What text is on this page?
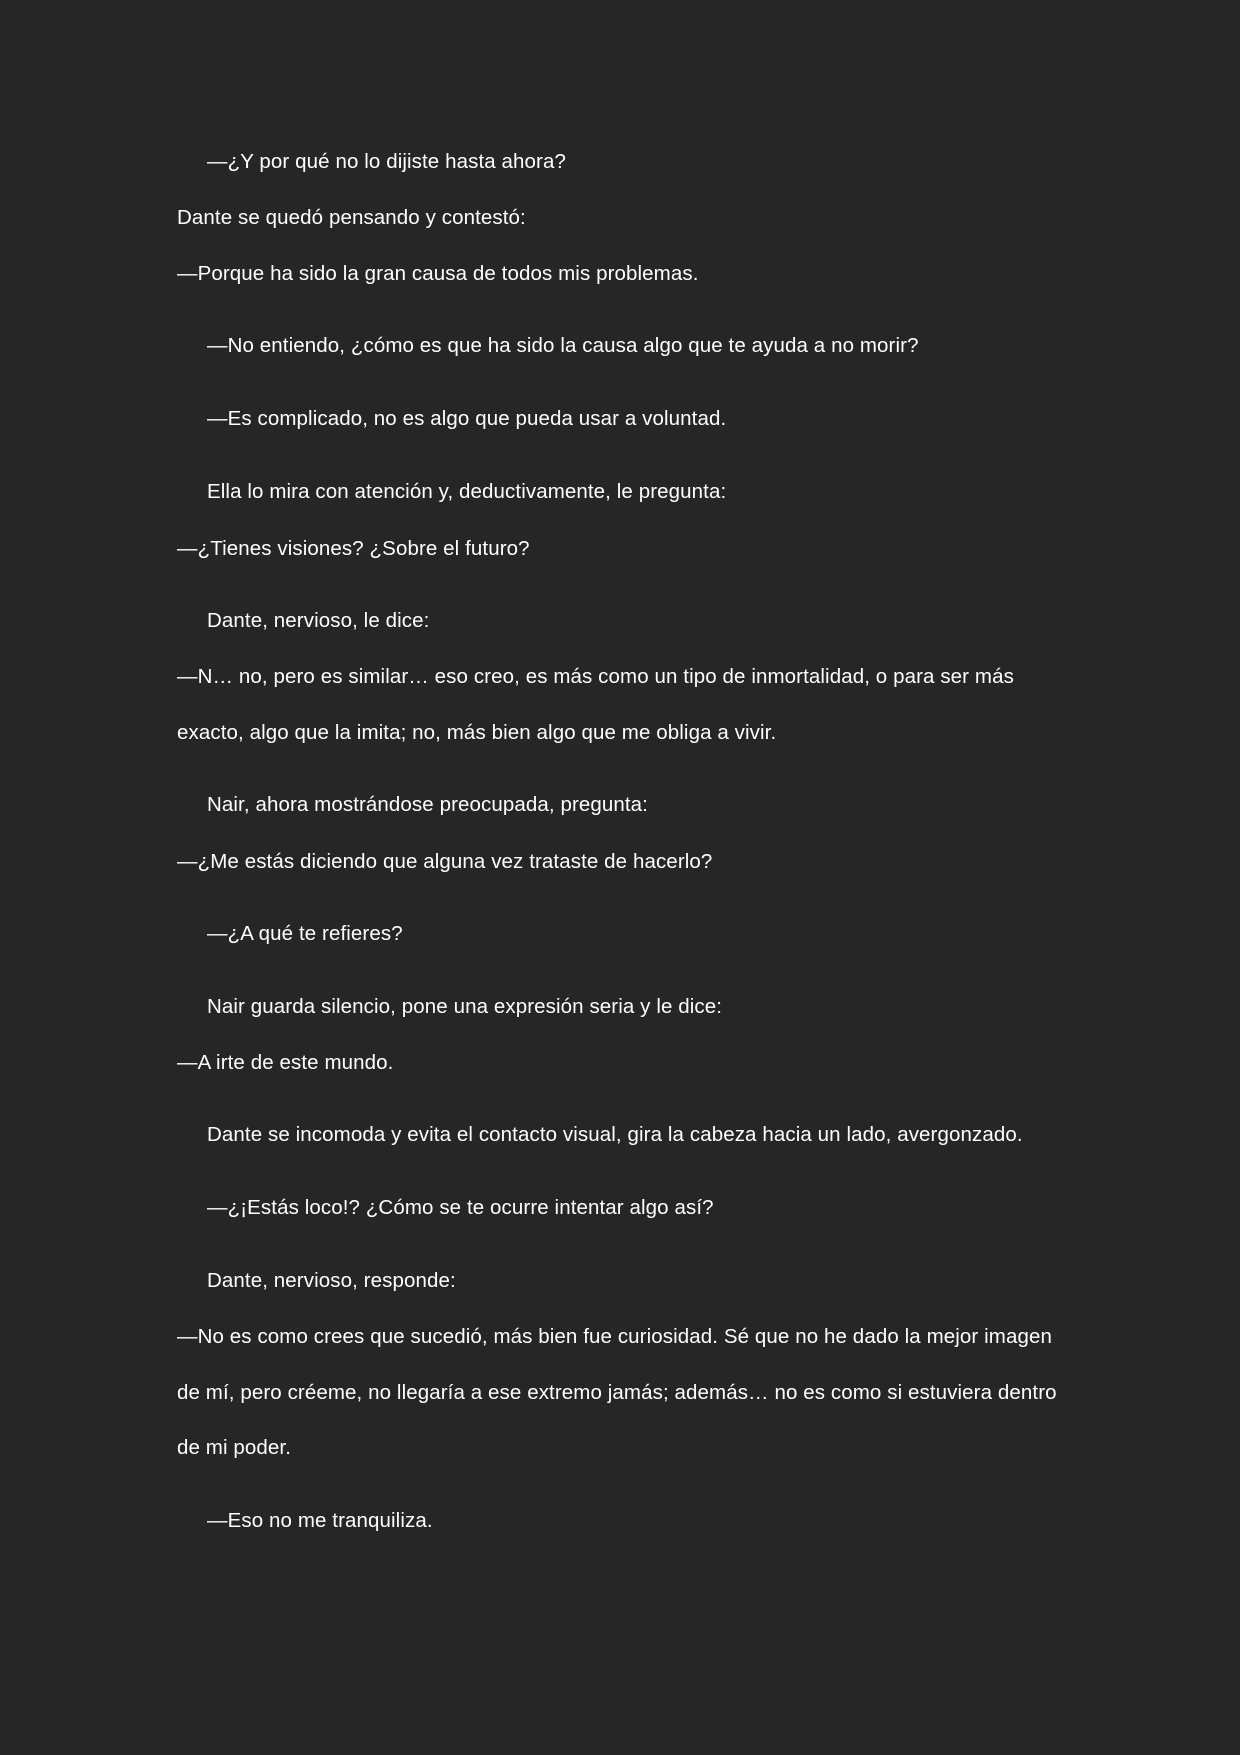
—¿Y por qué no lo dijiste hasta ahora?
Dante se quedó pensando y contestó:
—Porque ha sido la gran causa de todos mis problemas.
—No entiendo, ¿cómo es que ha sido la causa algo que te ayuda a no morir?
—Es complicado, no es algo que pueda usar a voluntad.
Ella lo mira con atención y, deductivamente, le pregunta:
—¿Tienes visiones? ¿Sobre el futuro?
Dante, nervioso, le dice:
—N… no, pero es similar… eso creo, es más como un tipo de inmortalidad, o para ser más
exacto, algo que la imita; no, más bien algo que me obliga a vivir.
Nair, ahora mostrándose preocupada, pregunta:
—¿Me estás diciendo que alguna vez trataste de hacerlo?
—¿A qué te refieres?
Nair guarda silencio, pone una expresión seria y le dice:
—A irte de este mundo.
Dante se incomoda y evita el contacto visual, gira la cabeza hacia un lado, avergonzado.
—¿¡Estás loco!? ¿Cómo se te ocurre intentar algo así?
Dante, nervioso, responde:
—No es como crees que sucedió, más bien fue curiosidad. Sé que no he dado la mejor imagen
de mí, pero créeme, no llegaría a ese extremo jamás; además… no es como si estuviera dentro
de mi poder.
—Eso no me tranquiliza.
